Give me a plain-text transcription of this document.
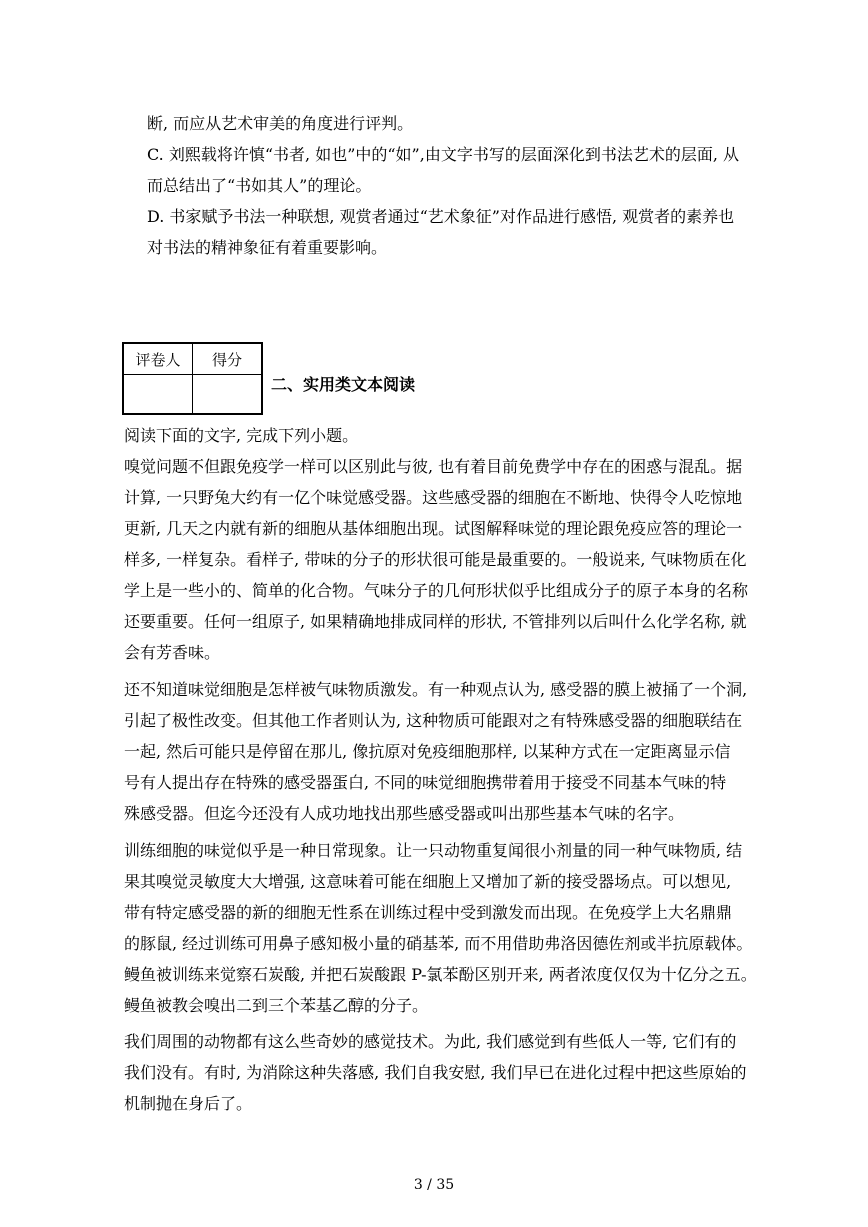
断, 而应从艺术审美的角度进行评判。
C. 刘熙载将许慎“书者, 如也”中的“如”,由文字书写的层面深化到书法艺术的层面, 从
而总结出了“书如其人”的理论。
D. 书家赋予书法一种联想, 观赏者通过“艺术象征”对作品进行感悟, 观赏者的素养也
对书法的精神象征有着重要影响。
评卷人	得分

二、实用类文本阅读
阅读下面的文字, 完成下列小题。
嗅觉问题不但跟免疫学一样可以区别此与彼, 也有着目前免费学中存在的困惑与混乱。据
计算, 一只野兔大约有一亿个味觉感受器。这些感受器的细胞在不断地、快得令人吃惊地
更新, 几天之内就有新的细胞从基体细胞出现。试图解释味觉的理论跟免疫应答的理论一
样多, 一样复杂。看样子, 带味的分子的形状很可能是最重要的。一般说来, 气味物质在化
学上是一些小的、简单的化合物。气味分子的几何形状似乎比组成分子的原子本身的名称
还要重要。任何一组原子, 如果精确地排成同样的形状, 不管排列以后叫什么化学名称, 就
会有芳香味。
还不知道味觉细胞是怎样被气味物质激发。有一种观点认为, 感受器的膜上被捅了一个洞,
引起了极性改变。但其他工作者则认为, 这种物质可能跟对之有特殊感受器的细胞联结在
一起, 然后可能只是停留在那儿, 像抗原对免疫细胞那样, 以某种方式在一定距离显示信
号有人提出存在特殊的感受器蛋白, 不同的味觉细胞携带着用于接受不同基本气味的特
殊感受器。但迄今还没有人成功地找出那些感受器或叫出那些基本气味的名字。
训练细胞的味觉似乎是一种日常现象。让一只动物重复闻很小剂量的同一种气味物质, 结
果其嗅觉灵敏度大大增强, 这意味着可能在细胞上又增加了新的接受器场点。可以想见,
带有特定感受器的新的细胞无性系在训练过程中受到激发而出现。在免疫学上大名鼎鼎
的豚鼠, 经过训练可用鼻子感知极小量的硝基苯, 而不用借助弗洛因德佐剂或半抗原载体。
鳗鱼被训练来觉察石炭酸, 并把石炭酸跟 P-氯苯酚区别开来, 两者浓度仅仅为十亿分之五。
鳗鱼被教会嗅出二到三个苯基乙醇的分子。
我们周围的动物都有这么些奇妙的感觉技术。为此, 我们感觉到有些低人一等, 它们有的
我们没有。有时, 为消除这种失落感, 我们自我安慰, 我们早已在进化过程中把这些原始的
机制抛在身后了。
3 / 35
